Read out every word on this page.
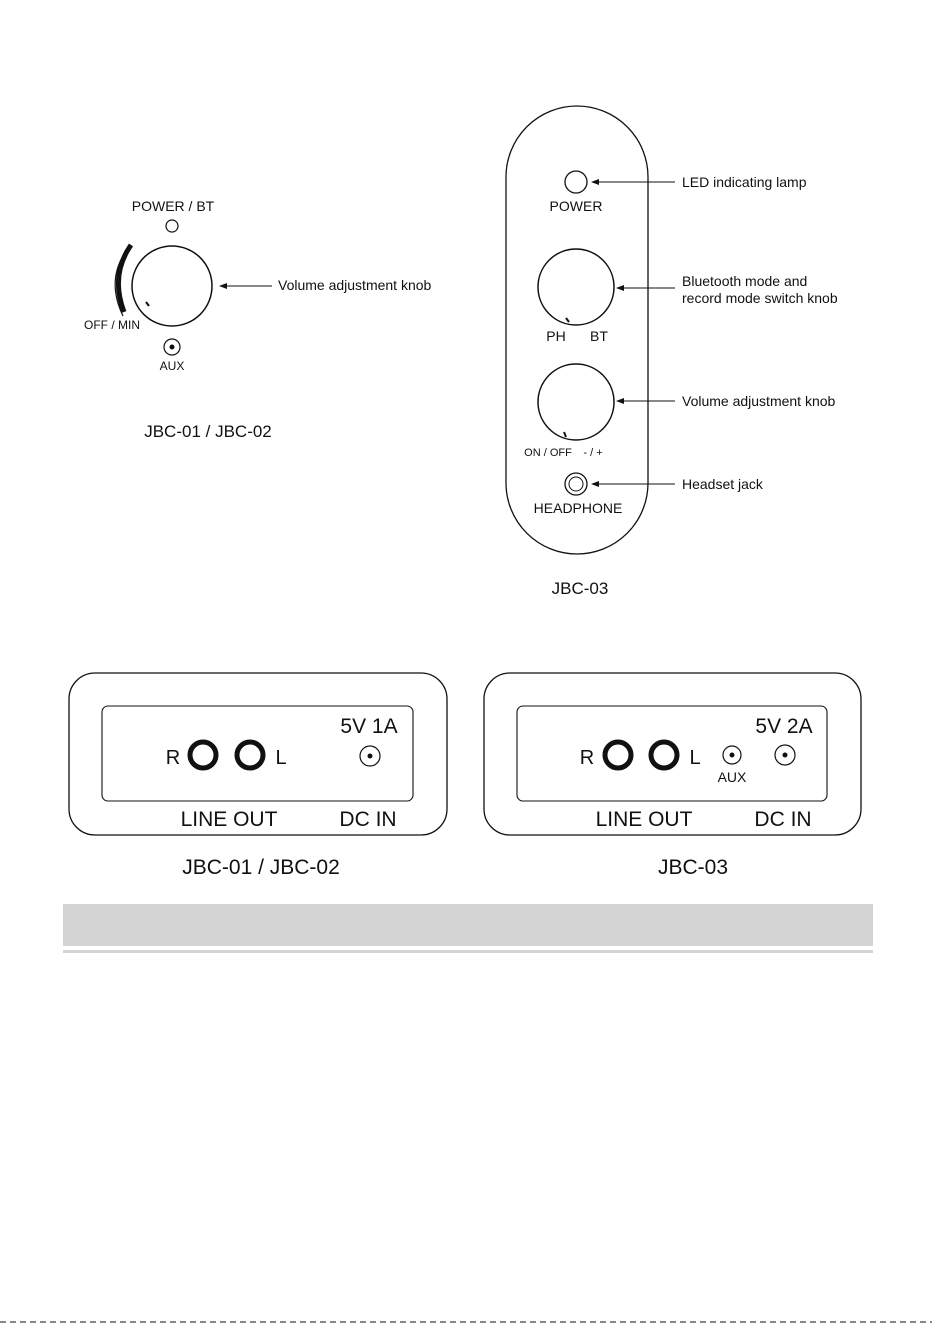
POWER / BT
Volume adjustment knob
OFF / MIN
AUX
JBC-01 / JBC-02
POWER
LED indicating lamp
Bluetooth mode and
record mode switch knob
PH BT
Volume adjustment knob
ON / OFF - / +
Headset jack
HEADPHONE
JBC-03
R	L
5V 1A
LINE OUT	DC IN
JBC-01 / JBC-02
R	L
AUX
5V 2A
LINE OUT	DC IN
JBC-03
